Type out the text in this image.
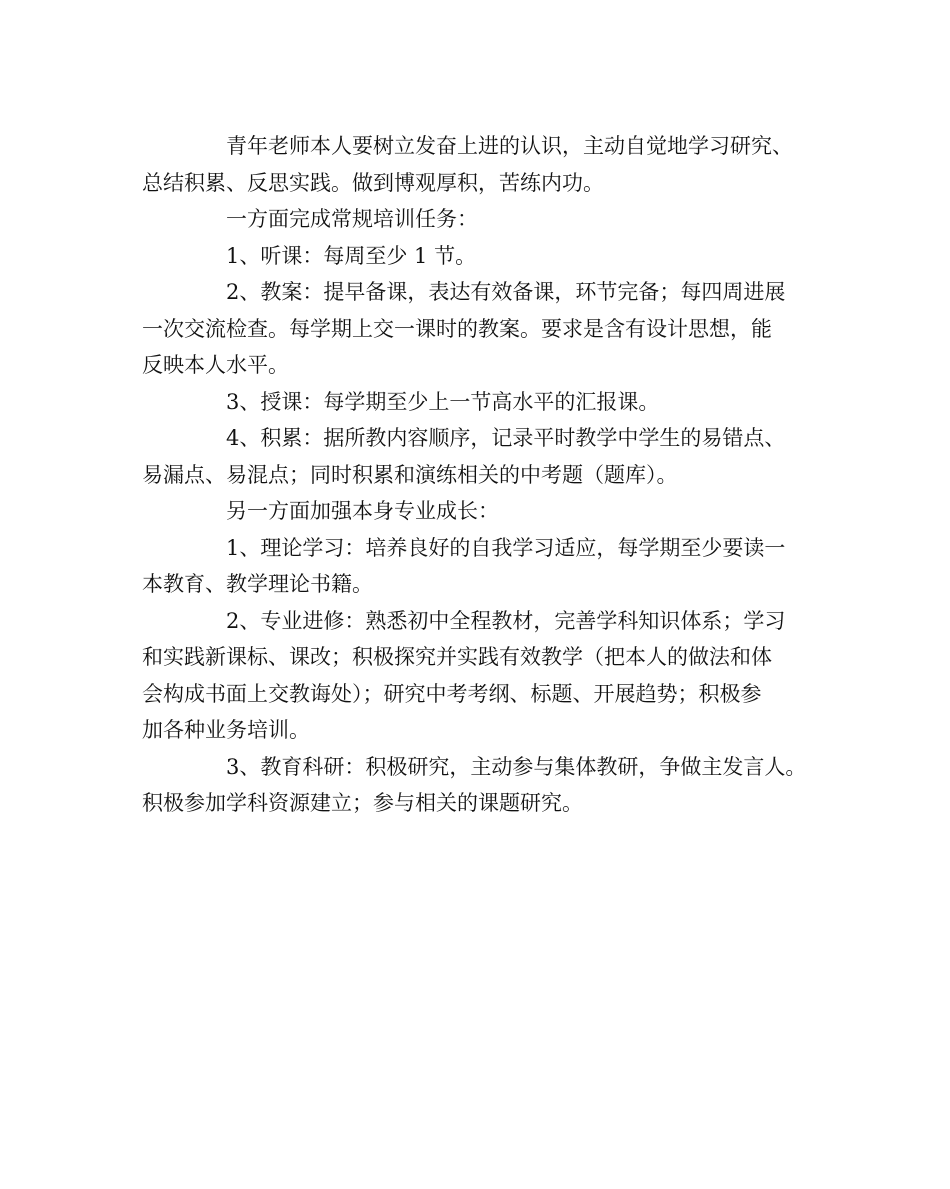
青年老师本人要树立发奋上进的认识，主动自觉地学习研究、
总结积累、反思实践。做到博观厚积，苦练内功。

一方面完成常规培训任务：

1、听课：每周至少 1 节。

2、教案：提早备课，表达有效备课，环节完备；每四周进展
一次交流检查。每学期上交一课时的教案。要求是含有设计思想，能
反映本人水平。

3、授课：每学期至少上一节高水平的汇报课。

4、积累：据所教内容顺序，记录平时教学中学生的易错点、
易漏点、易混点；同时积累和演练相关的中考题（题库）。

另一方面加强本身专业成长：

1、理论学习：培养良好的自我学习适应，每学期至少要读一
本教育、教学理论书籍。

2、专业进修：熟悉初中全程教材，完善学科知识体系；学习
和实践新课标、课改；积极探究并实践有效教学（把本人的做法和体
会构成书面上交教诲处）；研究中考考纲、标题、开展趋势；积极参
加各种业务培训。

3、教育科研：积极研究，主动参与集体教研，争做主发言人。
积极参加学科资源建立；参与相关的课题研究。
